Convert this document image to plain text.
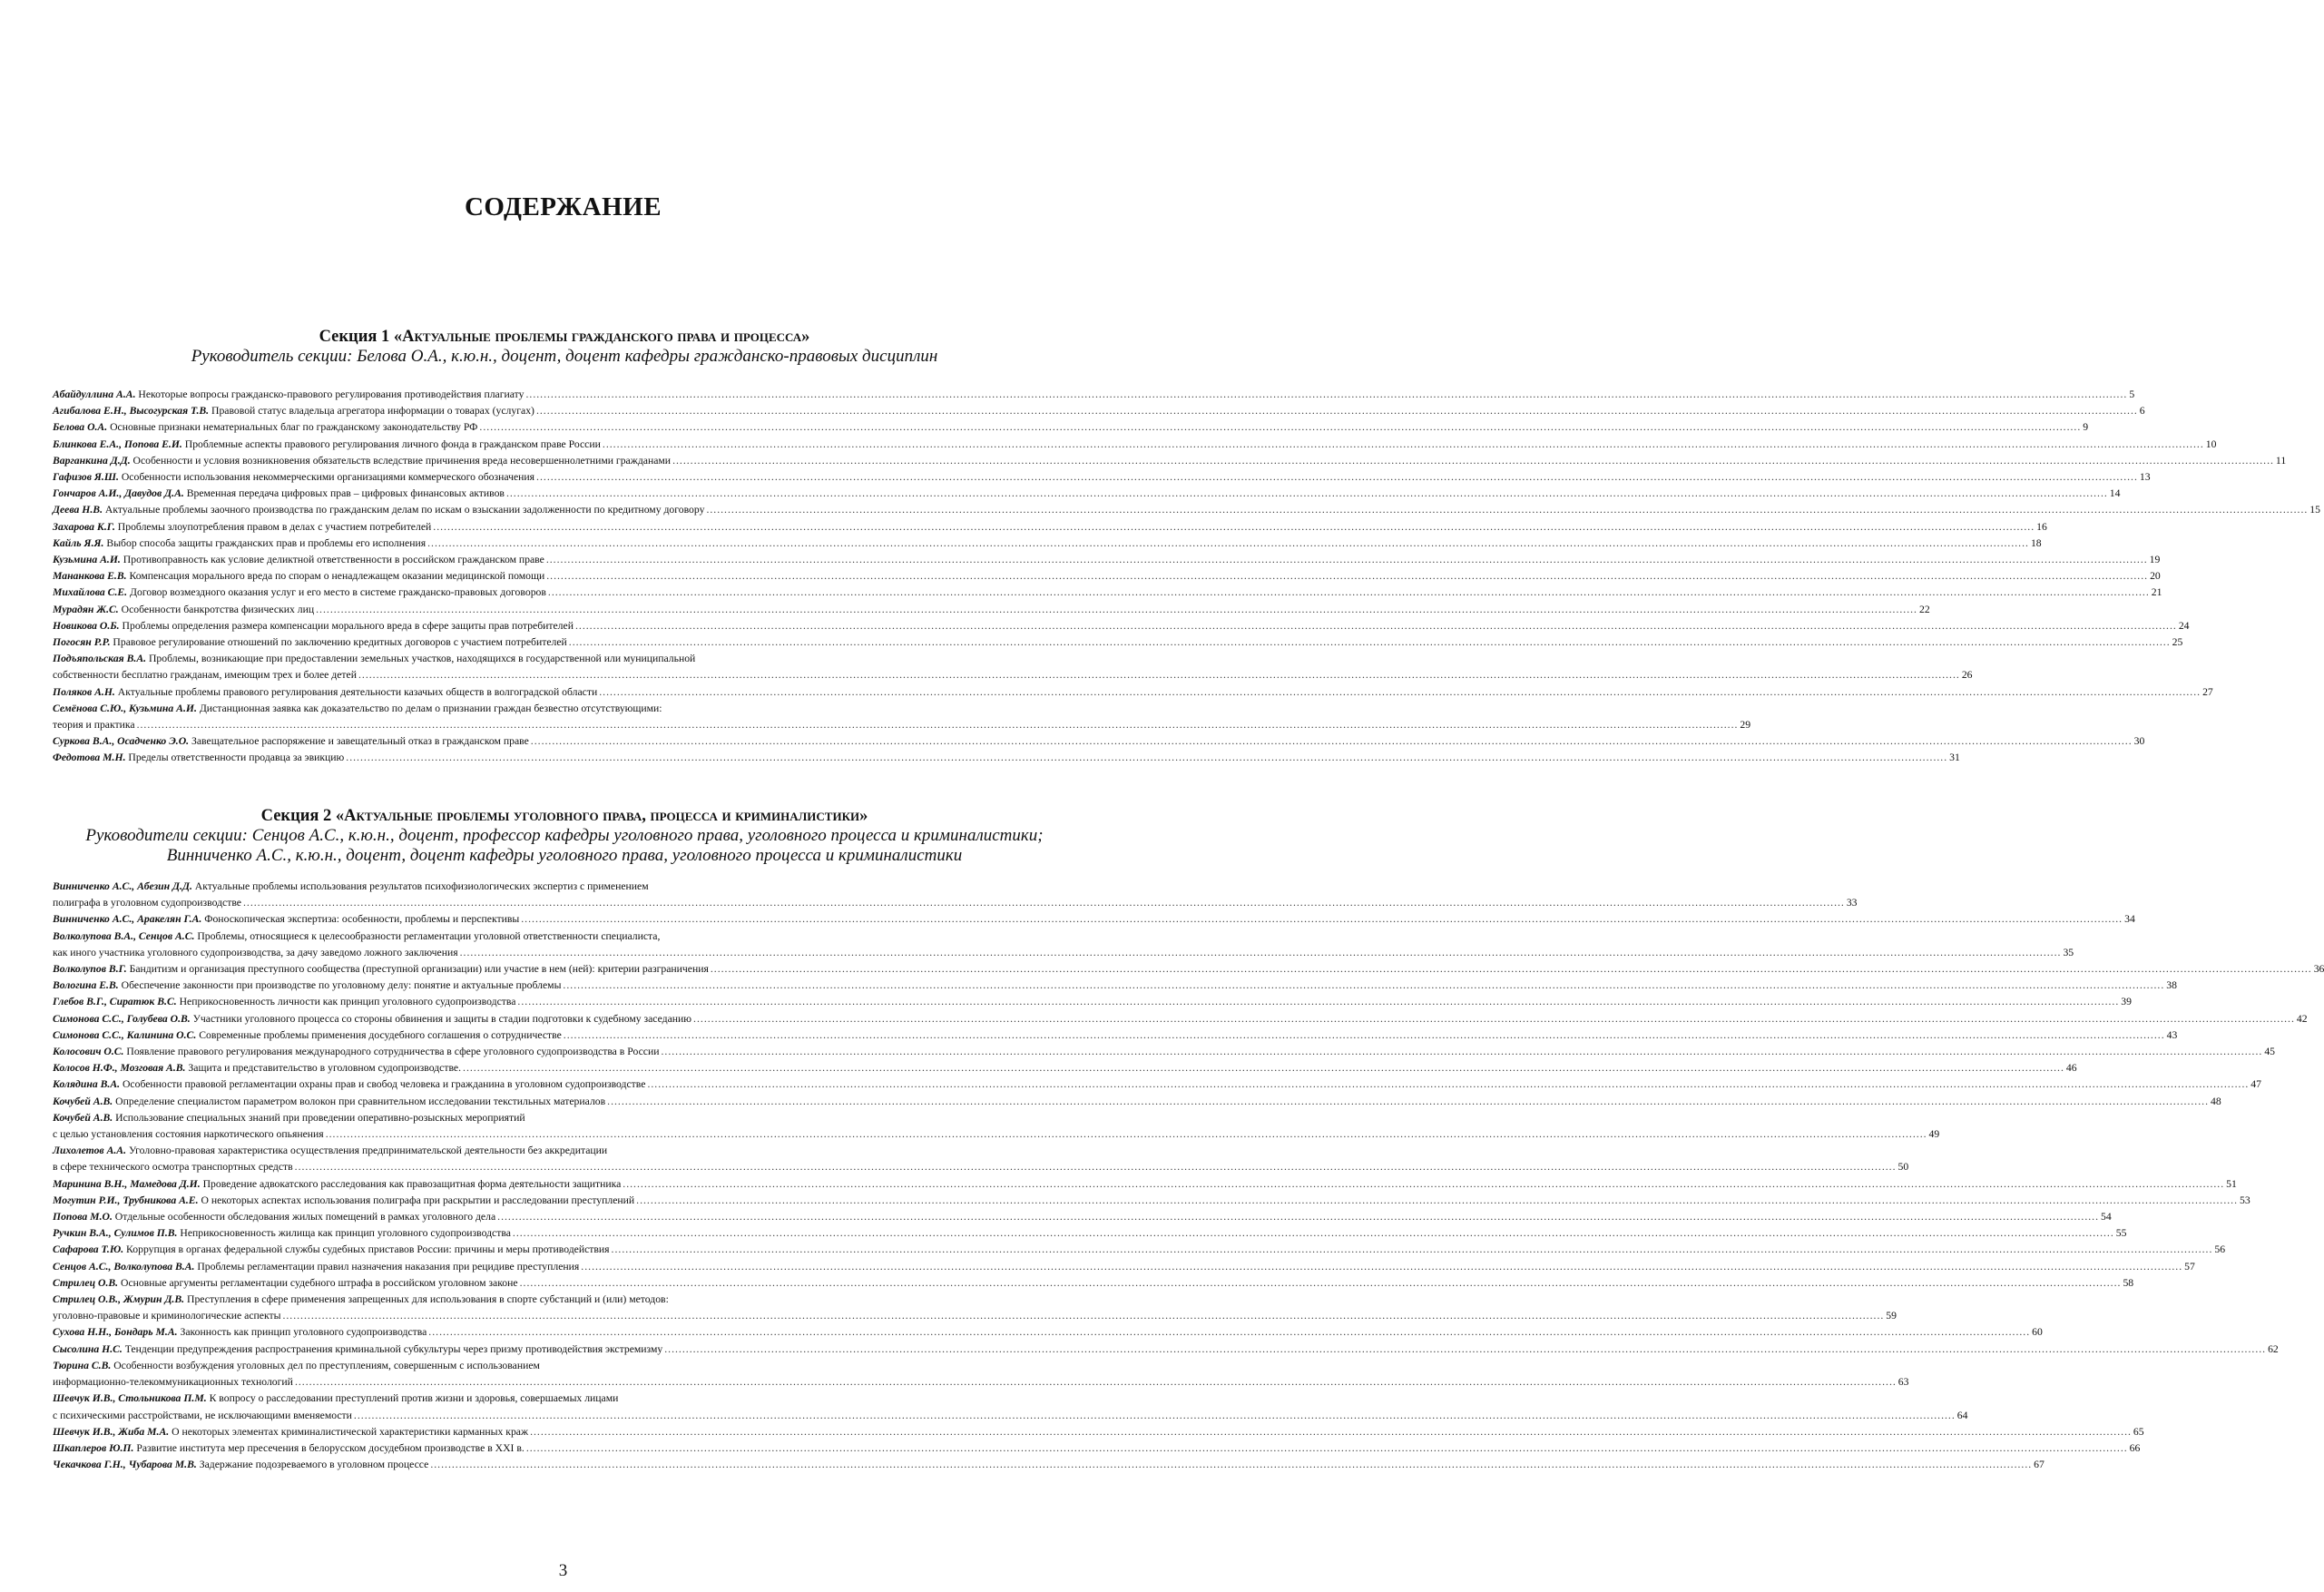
СОДЕРЖАНИЕ
Секция 1 «Актуальные проблемы гражданского права и процесса»
Руководитель секции: Белова О.А., к.ю.н., доцент, доцент кафедры гражданско-правовых дисциплин
Абайдуллина А.А. Некоторые вопросы гражданско-правового регулирования противодействия плагиату .....	5
Агибалова Е.Н., Высогурская Т.В. Правовой статус владельца агрегатора информации о товарах (услугах) .....	6
Белова О.А. Основные признаки нематериальных благ по гражданскому законодательству РФ .....	9
Блинкова Е.А., Попова Е.И. Проблемные аспекты правового регулирования личного фонда в гражданском праве России .....	10
Варганкина Д.Д. Особенности и условия возникновения обязательств вследствие причинения вреда несовершеннолетними гражданами .....	11
Гафизов Я.Ш. Особенности использования некоммерческими организациями коммерческого обозначения .....	13
Гончаров А.И., Давудов Д.А. Временная передача цифровых прав – цифровых финансовых активов .....	14
Деева Н.В. Актуальные проблемы заочного производства по гражданским делам по искам о взыскании задолженности по кредитному договору .....	15
Захарова К.Г. Проблемы злоупотребления правом в делах с участием потребителей .....	16
Кайль Я.Я. Выбор способа защиты гражданских прав и проблемы его исполнения .....	18
Кузьмина А.И. Противоправность как условие деликтной ответственности в российском гражданском праве .....	19
Мананкова Е.В. Компенсация морального вреда по спорам о ненадлежащем оказании медицинской помощи .....	20
Михайлова С.Е. Договор возмездного оказания услуг и его место в системе гражданско-правовых договоров .....	21
Мурадян Ж.С. Особенности банкротства физических лиц .....	22
Новикова О.Б. Проблемы определения размера компенсации морального вреда в сфере защиты прав потребителей .....	24
Погосян Р.Р. Правовое регулирование отношений по заключению кредитных договоров с участием потребителей .....	25
Подъяпольская В.А. Проблемы, возникающие при предоставлении земельных участков, находящихся в государственной или муниципальной
собственности бесплатно гражданам, имеющим трех и более детей .....	26
Поляков А.Н. Актуальные проблемы правового регулирования деятельности казачьих обществ в волгоградской области .....	27
Семёнова С.Ю., Кузьмина А.И. Дистанционная заявка как доказательство по делам о признании граждан безвестно отсутствующими:
теория и практика .....	29
Суркова В.А., Осадченко Э.О. Завещательное распоряжение и завещательный отказ в гражданском праве .....	30
Федотова М.Н. Пределы ответственности продавца за эвикцию .....	31
Секция 2 «Актуальные проблемы уголовного права, процесса и криминалистики»
Руководители секции: Сенцов А.С., к.ю.н., доцент, профессор кафедры уголовного права, уголовного процесса и криминалистики;
Винниченко А.С., к.ю.н., доцент, доцент кафедры уголовного права, уголовного процесса и криминалистики
Винниченко А.С., Абезин Д.Д. Актуальные проблемы использования результатов психофизиологических экспертиз с применением
полиграфа в уголовном судопроизводстве .....	33
Винниченко А.С., Аракелян Г.А. Фоноскопическая экспертиза: особенности, проблемы и перспективы .....	34
Волколупова В.А., Сенцов А.С. Проблемы, относящиеся к целесообразности регламентации уголовной ответственности специалиста,
как иного участника уголовного судопроизводства, за дачу заведомо ложного заключения .....	35
Волколупов В.Г. Бандитизм и организация преступного сообщества (преступной организации) или участие в нем (ней): критерии разграничения .....	36
Вологина Е.В. Обеспечение законности при производстве по уголовному делу: понятие и актуальные проблемы .....	38
Глебов В.Г., Сиратюк В.С. Неприкосновенность личности как принцип уголовного судопроизводства .....	39
Симонова С.С., Голубева О.В. Участники уголовного процесса со стороны обвинения и защиты в стадии подготовки к судебному заседанию .....	42
Симонова С.С., Калинина О.С. Современные проблемы применения досудебного соглашения о сотрудничестве .....	43
Колосович О.С. Появление правового регулирования международного сотрудничества в сфере уголовного судопроизводства в России .....	45
Колосов Н.Ф., Мозговая А.В. Защита и представительство в уголовном судопроизводстве. .....	46
Колядина В.А. Особенности правовой регламентации охраны прав и свобод человека и гражданина в уголовном судопроизводстве .....	47
Кочубей А.В. Определение специалистом параметром волокон при сравнительном исследовании текстильных материалов .....	48
Кочубей А.В. Использование специальных знаний при проведении оперативно-розыскных мероприятий
с целью установления состояния наркотического опьянения .....	49
Лихолетов А.А. Уголовно-правовая характеристика осуществления предпринимательской деятельности без аккредитации
в сфере технического осмотра транспортных средств .....	50
Маринина В.Н., Мамедова Д.И. Проведение адвокатского расследования как правозащитная форма деятельности защитника .....	51
Могутин Р.И., Трубникова А.Е. О некоторых аспектах использования полиграфа при раскрытии и расследовании преступлений .....	53
Попова М.О. Отдельные особенности обследования жилых помещений в рамках уголовного дела .....	54
Ручкин В.А., Сулимов П.В. Неприкосновенность жилища как принцип уголовного судопроизводства .....	55
Сафарова Т.Ю. Коррупция в органах федеральной службы судебных приставов России: причины и меры противодействия .....	56
Сенцов А.С., Волколупова В.А. Проблемы регламентации правил назначения наказания при рецидиве преступления .....	57
Стрилец О.В. Основные аргументы регламентации судебного штрафа в российском уголовном законе .....	58
Стрилец О.В., Жмурин Д.В. Преступления в сфере применения запрещенных для использования в спорте субстанций и (или) методов:
уголовно-правовые и криминологические аспекты .....	59
Сухова Н.Н., Бондарь М.А. Законность как принцип уголовного судопроизводства .....	60
Сысолина Н.С. Тенденции предупреждения распространения криминальной субкультуры через призму противодействия экстремизму .....	62
Тюрина С.В. Особенности возбуждения уголовных дел по преступлениям, совершенным с использованием
информационно-телекоммуникационных технологий .....	63
Шевчук И.В., Стольникова П.М. К вопросу о расследовании преступлений против жизни и здоровья, совершаемых лицами
с психическими расстройствами, не исключающими вменяемости .....	64
Шевчук И.В., Жиба М.А. О некоторых элементах криминалистической характеристики карманных краж .....	65
Шкаплеров Ю.П. Развитие института мер пресечения в белорусском досудебном производстве в XXI в. .....	66
Чекачкова Г.Н., Чубарова М.В. Задержание подозреваемого в уголовном процессе .....	67
3
